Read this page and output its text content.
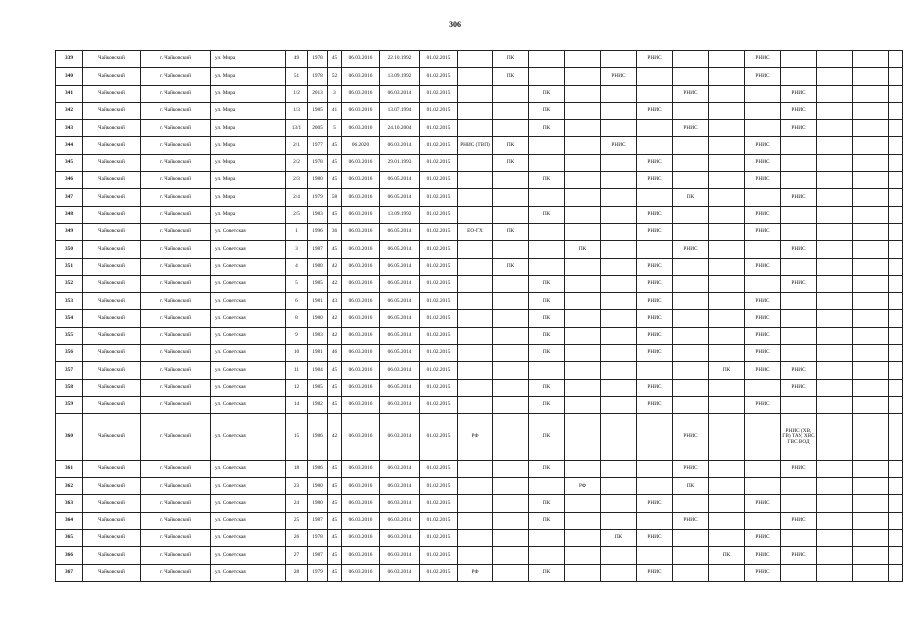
306
339	Чайковский	г. Чайковский	ул. Мира	49	1978	45	06.03.2016	22.10.1992	01.02.2015		ПК				РНИС			РНИС				
340	Чайковский	г. Чайковский	ул. Мира	51	1978	52	06.03.2016	13.09.1992	01.02.2015		ПК			РНИС				РНИС				
341	Чайковский	г. Чайковский	ул. Мира	1/2	2013	3	06.03.2016	06.03.2014	01.02.2015			ПК				РНИС			РНИС			
342	Чайковский	г. Чайковский	ул. Мира	1/3	1985	41	06.03.2016	13.07.1994	01.02.2015			ПК			РНИС				РНИС			
343	Чайковский	г. Чайковский	ул. Мира	13/1	2005	5	06.03.2016	24.10.2004	01.02.2015			ПК				РНИС			РНИС			
344	Чайковский	г. Чайковский	ул. Мира	2/1	1977	45	06.2020	06.03.2014	01.02.2015	РНИС (ТВП)	ПК			РНИС				РНИС				
345	Чайковский	г. Чайковский	ул. Мира	2/2	1978	45	06.03.2016	29.01.1993	01.02.2015		ПК				РНИС			РНИС				
346	Чайковский	г. Чайковский	ул. Мира	2/3	1980	45	06.03.2016	06.05.2014	01.02.2015			ПК			РНИС			РНИС				
347	Чайковский	г. Чайковский	ул. Мира	2/4	1979	58	06.03.2016	06.05.2014	01.02.2015							ПК			РНИС			
348	Чайковский	г. Чайковский	ул. Мира	2/5	1983	45	06.03.2016	13.09.1992	01.02.2015			ПК			РНИС			РНИС				
349	Чайковский	г. Чайковский	ул. Советская	1	1996	36	06.03.2016	06.05.2014	01.02.2015	ЕО-ГХ	ПК				РНИС			РНИС				
350	Чайковский	г. Чайковский	ул. Советская	3	1987	45	06.03.2016	06.05.2014	01.02.2015				ПК			РНИС			РНИС			
351	Чайковский	г. Чайковский	ул. Советская	4	1980	42	06.03.2016	06.05.2014	01.02.2015		ПК				РНИС			РНИС				
352	Чайковский	г. Чайковский	ул. Советская	5	1985	42	06.03.2016	06.05.2014	01.02.2015			ПК			РНИС				РНИС			
353	Чайковский	г. Чайковский	ул. Советская	6	1981	43	06.03.2016	06.05.2014	01.02.2015			ПК			РНИС			РНИС				
354	Чайковский	г. Чайковский	ул. Советская	8	1980	42	06.03.2016	06.05.2014	01.02.2015			ПК			РНИС			РНИС				
355	Чайковский	г. Чайковский	ул. Советская	9	1983	42	06.03.2016	06.05.2014	01.02.2015			ПК			РНИС			РНИС				
356	Чайковский	г. Чайковский	ул. Советская	10	1981	46	06.03.2016	06.05.2014	01.02.2015			ПК			РНИС			РНИС				
357	Чайковский	г. Чайковский	ул. Советская	11	1984	45	06.03.2016	06.03.2014	01.02.2015								ПК	РНИС	РНИС			
358	Чайковский	г. Чайковский	ул. Советская	12	1985	45	06.03.2016	06.05.2014	01.02.2015			ПК			РНИС				РНИС			
359	Чайковский	г. Чайковский	ул. Советская	14	1982	45	06.03.2016	06.03.2014	01.02.2015			ПК			РНИС			РНИС				
360	Чайковский	г. Чайковский	ул. Советская	15	1986	42	06.03.2016	06.03.2014	01.02.2015	РФ		ПК				РНИС			РНИС (ХВ, ГВ) ТАУ, ХВС ГВС ВОД			
361	Чайковский	г. Чайковский	ул. Советская	18	1986	45	06.03.2016	06.03.2014	01.02.2015			ПК				РНИС			РНИС			
362	Чайковский	г. Чайковский	ул. Советская	23	1980	45	06.03.2016	06.03.2014	01.02.2015				РФ			ПК						
363	Чайковский	г. Чайковский	ул. Советская	24	1980	45	06.03.2016	06.03.2014	01.02.2015			ПК			РНИС			РНИС				
364	Чайковский	г. Чайковский	ул. Советская	25	1987	45	06.03.2016	06.03.2014	01.02.2015			ПК				РНИС			РНИС			
365	Чайковский	г. Чайковский	ул. Советская	26	1978	45	06.03.2016	06.03.2014	01.02.2015					ПК	РНИС			РНИС				
366	Чайковский	г. Чайковский	ул. Советская	27	1987	45	06.03.2016	06.03.2014	01.02.2015								ПК	РНИС	РНИС			
367	Чайковский	г. Чайковский	ул. Советская	28	1979	45	06.03.2016	06.03.2014	01.02.2015	РФ		ПК			РНИС			РНИС				
